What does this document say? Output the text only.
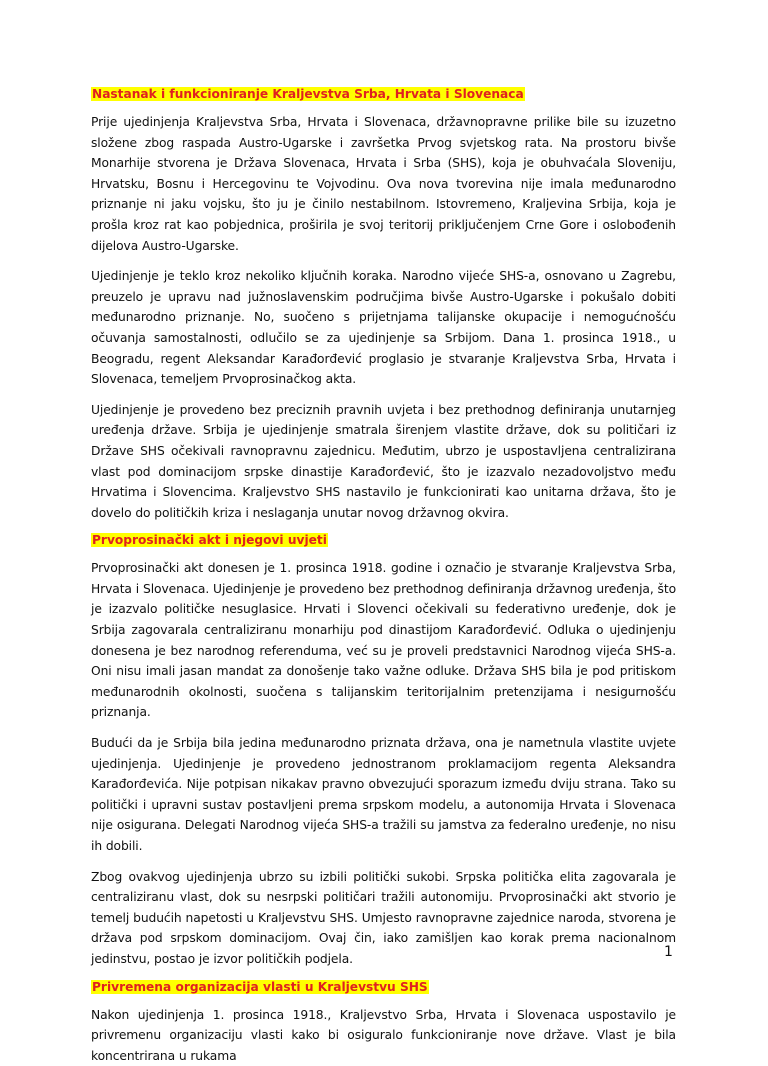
Nastanak i funkcioniranje Kraljevstva Srba, Hrvata i Slovenaca

Prije ujedinjenja Kraljevstva Srba, Hrvata i Slovenaca, državnopravne prilike bile su izuzetno složene zbog raspada Austro-Ugarske i završetka Prvog svjetskog rata. Na prostoru bivše Monarhije stvorena je Država Slovenaca, Hrvata i Srba (SHS), koja je obuhvaćala Sloveniju, Hrvatsku, Bosnu i Hercegovinu te Vojvodinu. Ova nova tvorevina nije imala međunarodno priznanje ni jaku vojsku, što ju je činilo nestabilnom. Istovremeno, Kraljevina Srbija, koja je prošla kroz rat kao pobjednica, proširila je svoj teritorij priključenjem Crne Gore i oslobođenih dijelova Austro-Ugarske.

Ujedinjenje je teklo kroz nekoliko ključnih koraka. Narodno vijeće SHS-a, osnovano u Zagrebu, preuzelo je upravu nad južnoslavenskim područjima bivše Austro-Ugarske i pokušalo dobiti međunarodno priznanje. No, suočeno s prijetnjama talijanske okupacije i nemogućnošću očuvanja samostalnosti, odlučilo se za ujedinjenje sa Srbijom. Dana 1. prosinca 1918., u Beogradu, regent Aleksandar Karađorđević proglasio je stvaranje Kraljevstva Srba, Hrvata i Slovenaca, temeljem Prvoprosinačkog akta.

Ujedinjenje je provedeno bez preciznih pravnih uvjeta i bez prethodnog definiranja unutarnjeg uređenja države. Srbija je ujedinjenje smatrala širenjem vlastite države, dok su političari iz Države SHS očekivali ravnopravnu zajednicu. Međutim, ubrzo je uspostavljena centralizirana vlast pod dominacijom srpske dinastije Karađorđević, što je izazvalo nezadovoljstvo među Hrvatima i Slovencima. Kraljevstvo SHS nastavilo je funkcionirati kao unitarna država, što je dovelo do političkih kriza i neslaganja unutar novog državnog okvira.

Prvoprosinački akt i njegovi uvjeti

Prvoprosinački akt donesen je 1. prosinca 1918. godine i označio je stvaranje Kraljevstva Srba, Hrvata i Slovenaca. Ujedinjenje je provedeno bez prethodnog definiranja državnog uređenja, što je izazvalo političke nesuglasice. Hrvati i Slovenci očekivali su federativno uređenje, dok je Srbija zagovarala centraliziranu monarhiju pod dinastijom Karađorđević. Odluka o ujedinjenju donesena je bez narodnog referenduma, već su je proveli predstavnici Narodnog vijeća SHS-a. Oni nisu imali jasan mandat za donošenje tako važne odluke. Država SHS bila je pod pritiskom međunarodnih okolnosti, suočena s talijanskim teritorijalnim pretenzijama i nesigurnošću priznanja.

Budući da je Srbija bila jedina međunarodno priznata država, ona je nametnula vlastite uvjete ujedinjenja. Ujedinjenje je provedeno jednostranom proklamacijom regenta Aleksandra Karađorđevića. Nije potpisan nikakav pravno obvezujući sporazum između dviju strana. Tako su politički i upravni sustav postavljeni prema srpskom modelu, a autonomija Hrvata i Slovenaca nije osigurana. Delegati Narodnog vijeća SHS-a tražili su jamstva za federalno uređenje, no nisu ih dobili.

Zbog ovakvog ujedinjenja ubrzo su izbili politički sukobi. Srpska politička elita zagovarala je centraliziranu vlast, dok su nesrpski političari tražili autonomiju. Prvoprosinački akt stvorio je temelj budućih napetosti u Kraljevstvu SHS. Umjesto ravnopravne zajednice naroda, stvorena je država pod srpskom dominacijom. Ovaj čin, iako zamišljen kao korak prema nacionalnom jedinstvu, postao je izvor političkih podjela.

Privremena organizacija vlasti u Kraljevstvu SHS

Nakon ujedinjenja 1. prosinca 1918., Kraljevstvo Srba, Hrvata i Slovenaca uspostavilo je privremenu organizaciju vlasti kako bi osiguralo funkcioniranje nove države. Vlast je bila koncentrirana u rukama

1
